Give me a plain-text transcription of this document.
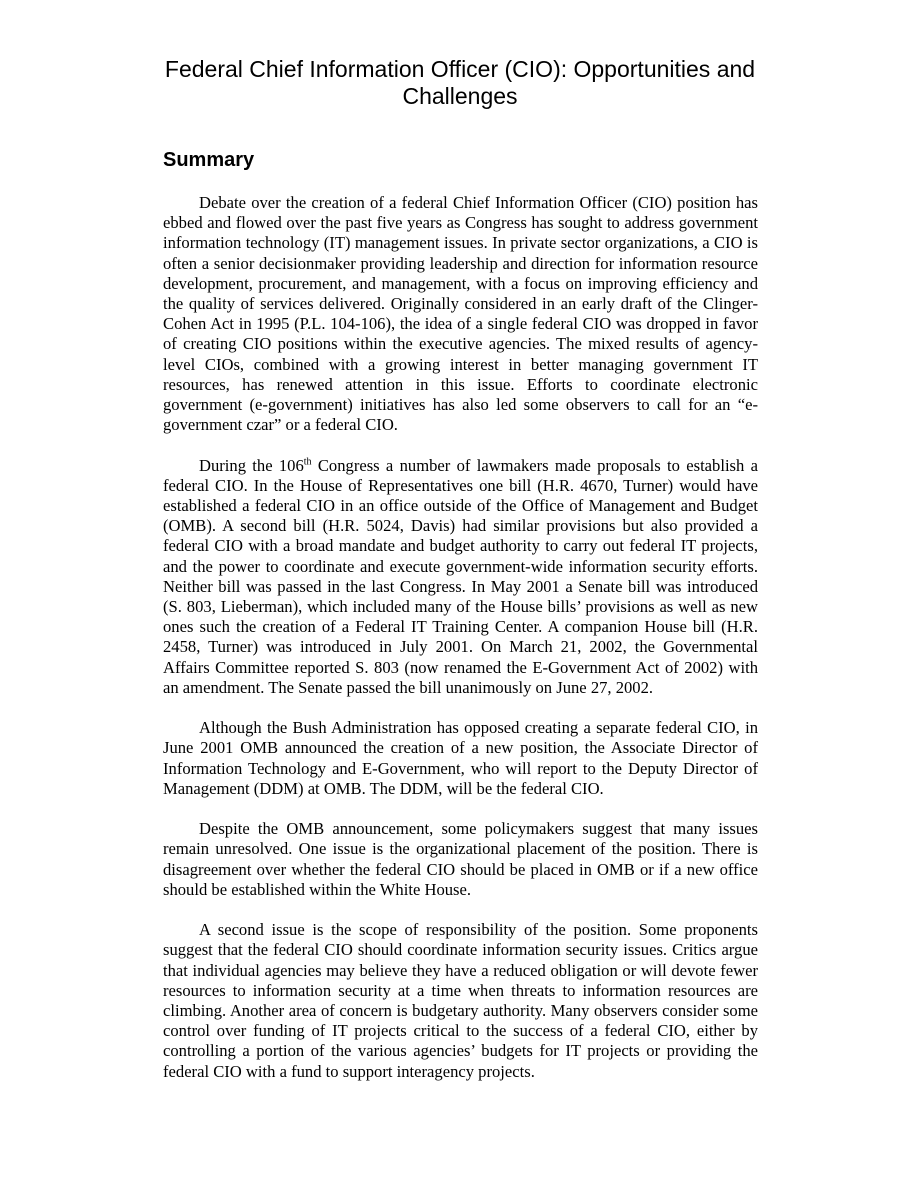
Federal Chief Information Officer (CIO): Opportunities and Challenges
Summary

Debate over the creation of a federal Chief Information Officer (CIO) position has ebbed and flowed over the past five years as Congress has sought to address government information technology (IT) management issues. In private sector organizations, a CIO is often a senior decisionmaker providing leadership and direction for information resource development, procurement, and management, with a focus on improving efficiency and the quality of services delivered. Originally considered in an early draft of the Clinger-Cohen Act in 1995 (P.L. 104-106), the idea of a single federal CIO was dropped in favor of creating CIO positions within the executive agencies. The mixed results of agency-level CIOs, combined with a growing interest in better managing government IT resources, has renewed attention in this issue. Efforts to coordinate electronic government (e-government) initiatives has also led some observers to call for an “e-government czar” or a federal CIO.

During the 106th Congress a number of lawmakers made proposals to establish a federal CIO. In the House of Representatives one bill (H.R. 4670, Turner) would have established a federal CIO in an office outside of the Office of Management and Budget (OMB). A second bill (H.R. 5024, Davis) had similar provisions but also provided a federal CIO with a broad mandate and budget authority to carry out federal IT projects, and the power to coordinate and execute government-wide information security efforts. Neither bill was passed in the last Congress. In May 2001 a Senate bill was introduced (S. 803, Lieberman), which included many of the House bills’ provisions as well as new ones such the creation of a Federal IT Training Center. A companion House bill (H.R. 2458, Turner) was introduced in July 2001. On March 21, 2002, the Governmental Affairs Committee reported S. 803 (now renamed the E-Government Act of 2002) with an amendment. The Senate passed the bill unanimously on June 27, 2002.

Although the Bush Administration has opposed creating a separate federal CIO, in June 2001 OMB announced the creation of a new position, the Associate Director of Information Technology and E-Government, who will report to the Deputy Director of Management (DDM) at OMB. The DDM, will be the federal CIO.

Despite the OMB announcement, some policymakers suggest that many issues remain unresolved. One issue is the organizational placement of the position. There is disagreement over whether the federal CIO should be placed in OMB or if a new office should be established within the White House.

A second issue is the scope of responsibility of the position. Some proponents suggest that the federal CIO should coordinate information security issues. Critics argue that individual agencies may believe they have a reduced obligation or will devote fewer resources to information security at a time when threats to information resources are climbing. Another area of concern is budgetary authority. Many observers consider some control over funding of IT projects critical to the success of a federal CIO, either by controlling a portion of the various agencies’ budgets for IT projects or providing the federal CIO with a fund to support interagency projects.
